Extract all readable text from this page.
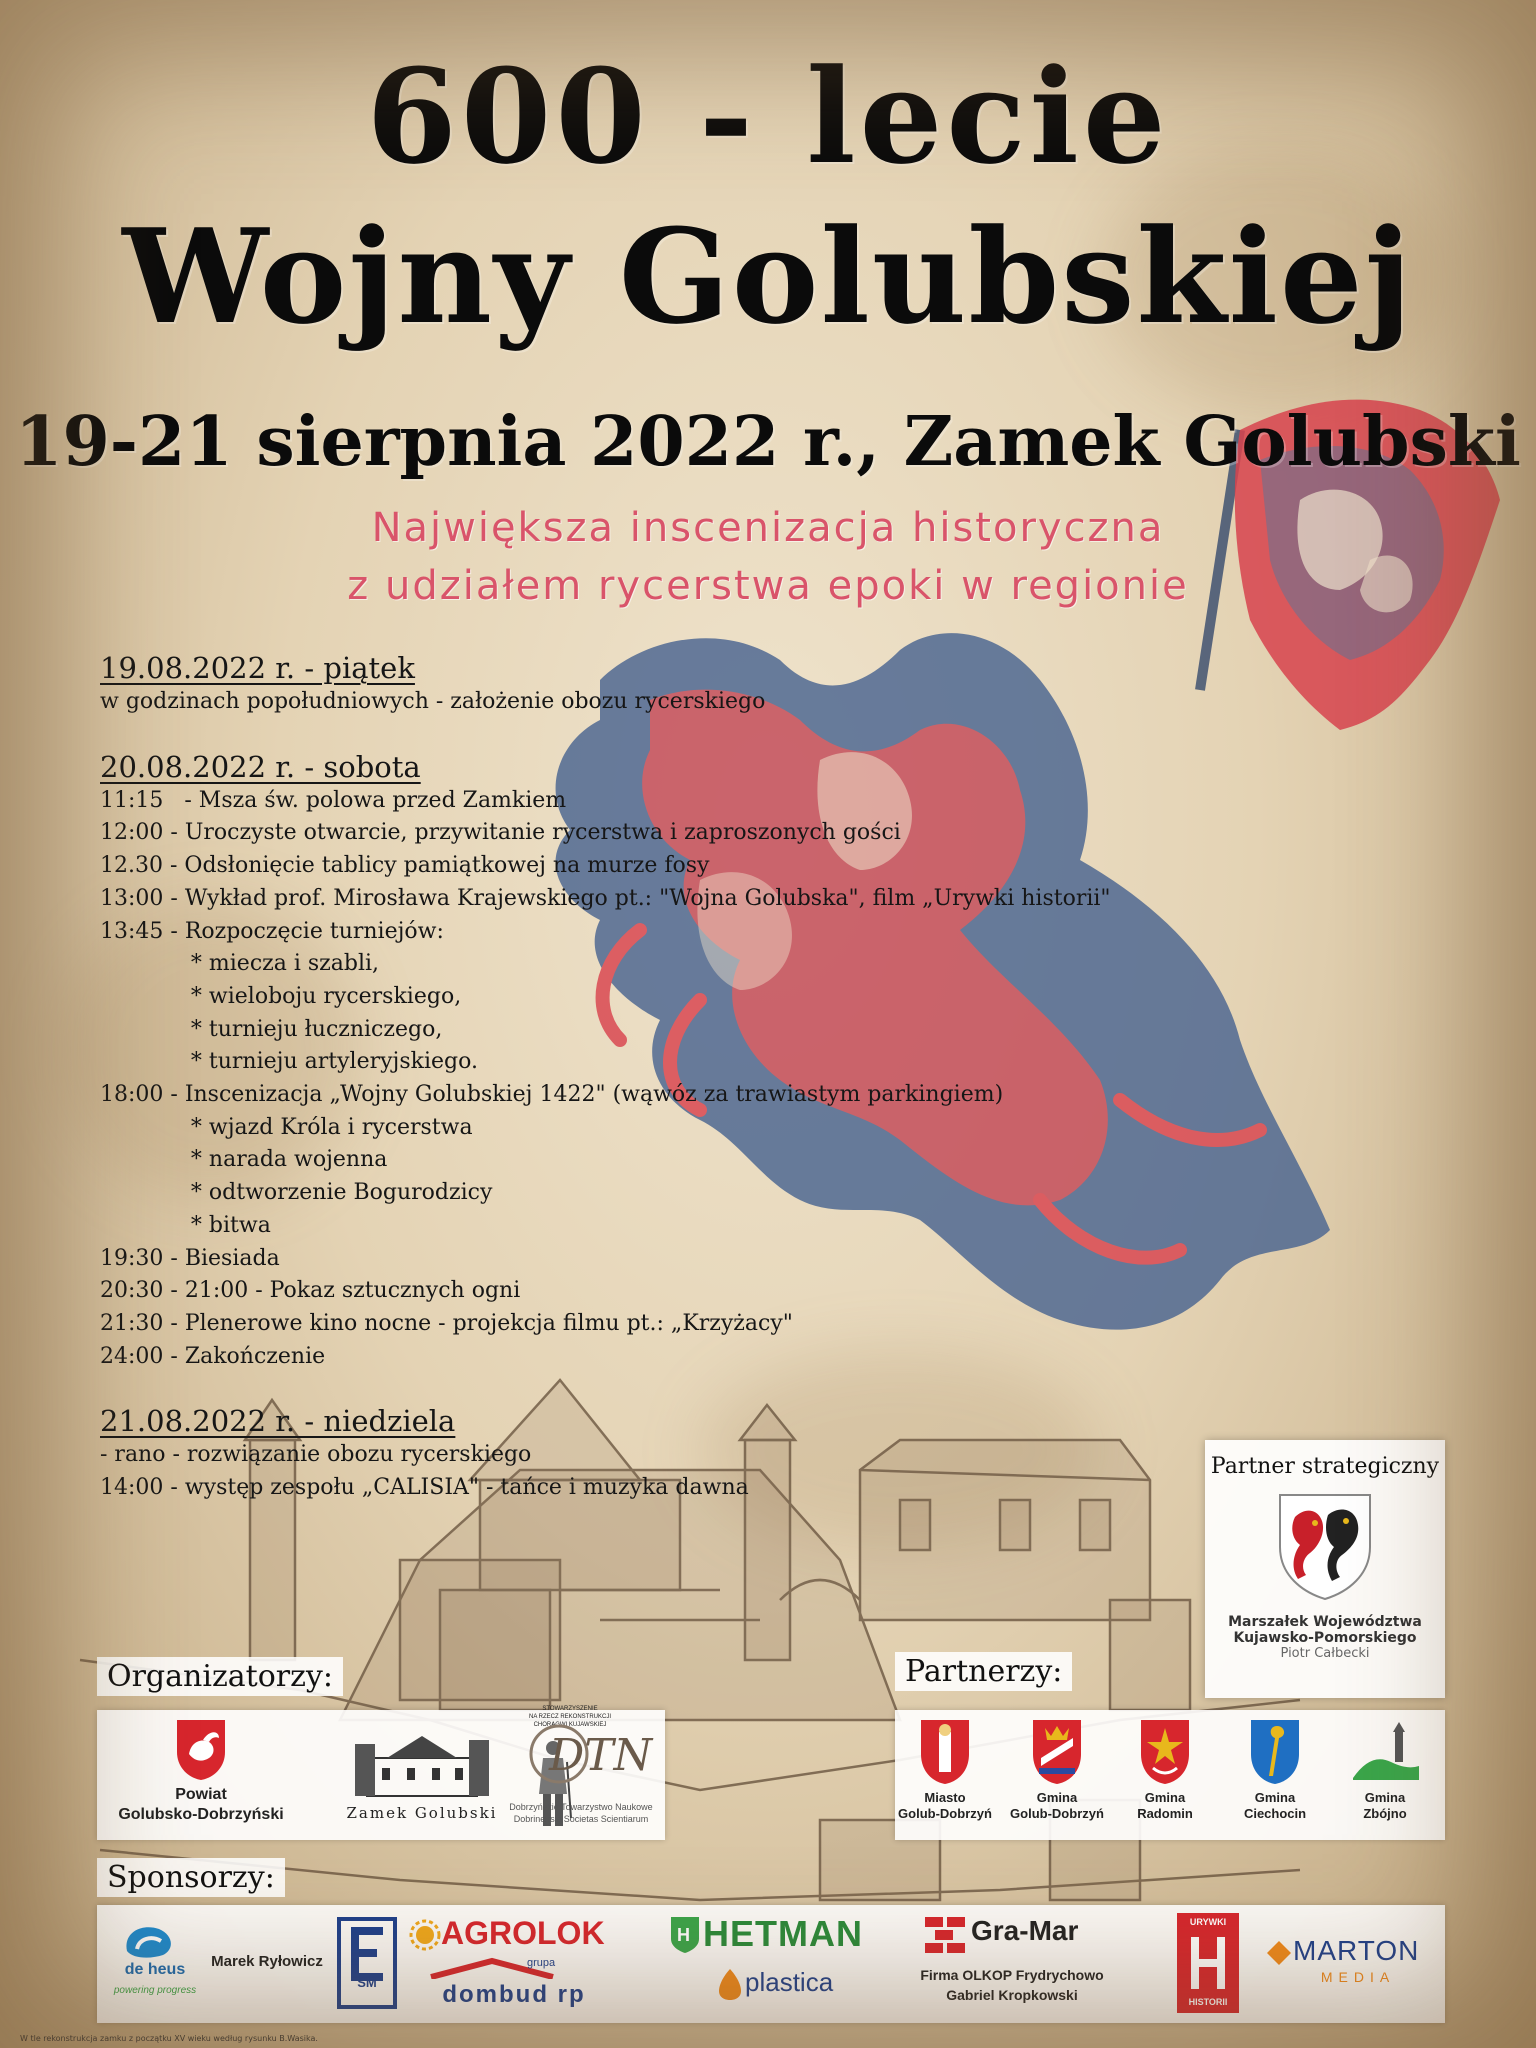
600 - lecie
Wojny Golubskiej
19-21 sierpnia 2022 r., Zamek Golubski
Największa inscenizacja historyczna
z udziałem rycerstwa epoki w regionie
19.08.2022 r. - piątek
w godzinach popołudniowych - założenie obozu rycerskiego
20.08.2022 r. - sobota
11:15   - Msza św. polowa przed Zamkiem
12:00 - Uroczyste otwarcie, przywitanie rycerstwa i zaproszonych gości
12.30 - Odsłonięcie tablicy pamiątkowej na murze fosy
13:00 - Wykład prof. Mirosława Krajewskiego pt.: "Wojna Golubska", film „Urywki historii"
13:45 - Rozpoczęcie turniejów:
* miecza i szabli,
* wieloboju rycerskiego,
* turnieju łuczniczego,
* turnieju artyleryjskiego.
18:00 - Inscenizacja „Wojny Golubskiej 1422" (wąwóz za trawiastym parkingiem)
* wjazd Króla i rycerstwa
* narada wojenna
* odtworzenie Bogurodzicy
* bitwa
19:30 - Biesiada
20:30 - 21:00 - Pokaz sztucznych ogni
21:30 - Plenerowe kino nocne - projekcja filmu pt.: „Krzyżacy"
24:00 - Zakończenie
21.08.2022 r. - niedziela
- rano - rozwiązanie obozu rycerskiego
14:00 - występ zespołu „CALISIA" - tańce i muzyka dawna
Partner strategiczny
Marszałek Województwa
Kujawsko-Pomorskiego
Piotr Całbecki
Organizatorzy:
Powiat
Golubsko-Dobrzyński	Zamek Golubski
STOWARZYSZENIE
NA RZECZ REKONSTRUKCJI
CHORĄGWI KUJAWSKIEJ
DTN
Dobrzyńskie Towarzystwo Naukowe
Dobrinensis Societas Scientiarum
Partnerzy:
Miasto
Golub-Dobrzyń
Gmina
Golub-Dobrzyń
Gmina
Radomin
Gmina
Ciechocin
Gmina
Zbójno
Sponsorzy:
de heus
powering progress
Marek Ryłowicz
SM
AGROLOK
grupa
dombud rp
H HETMAN
plastica
Gra-Mar
Firma OLKOP Frydrychowo
Gabriel Kropkowski
URYWKI
HISTORII
MARTON
MEDIA
W tle rekonstrukcja zamku z początku XV wieku według rysunku B.Wasika.
